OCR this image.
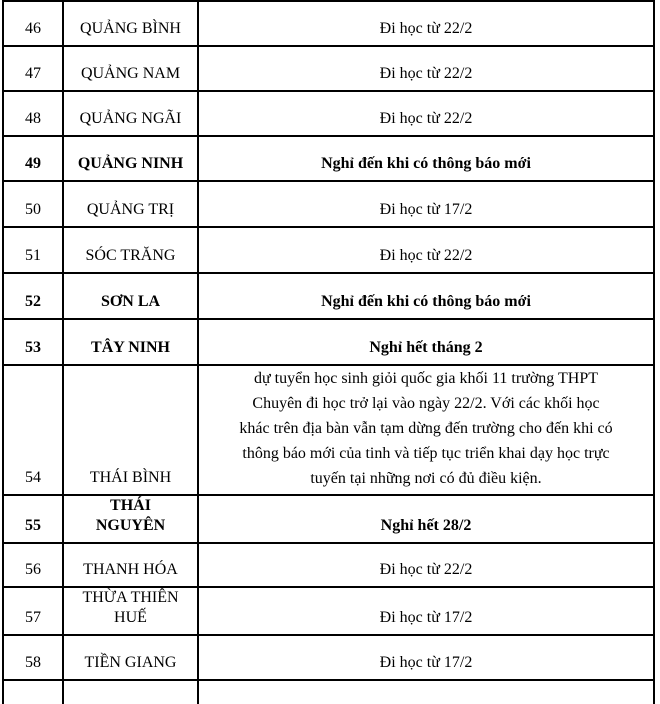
46	QUẢNG BÌNH	Đi học từ 22/2
47	QUẢNG NAM	Đi học từ 22/2
48	QUẢNG NGÃI	Đi học từ 22/2
49	QUẢNG NINH	Nghỉ đến khi có thông báo mới
50	QUẢNG TRỊ	Đi học từ 17/2
51	SÓC TRĂNG	Đi học từ 22/2
52	SƠN LA	Nghỉ đến khi có thông báo mới
53	TÂY NINH	Nghỉ hết tháng 2
54	THÁI BÌNH	dự tuyển học sinh giỏi quốc gia khối 11 trường THPT
Chuyên đi học trở lại vào ngày 22/2. Với các khối học
khác trên địa bàn vẫn tạm dừng đến trường cho đến khi có
thông báo mới của tinh và tiếp tục triển khai dạy học trực
tuyến tại những nơi có đủ điều kiện.
55	THÁI NGUYÊN	Nghỉ hết 28/2
56	THANH HÓA	Đi học từ 22/2
57	THỪA THIÊN HUẾ	Đi học từ 17/2
58	TIỀN GIANG	Đi học từ 17/2
